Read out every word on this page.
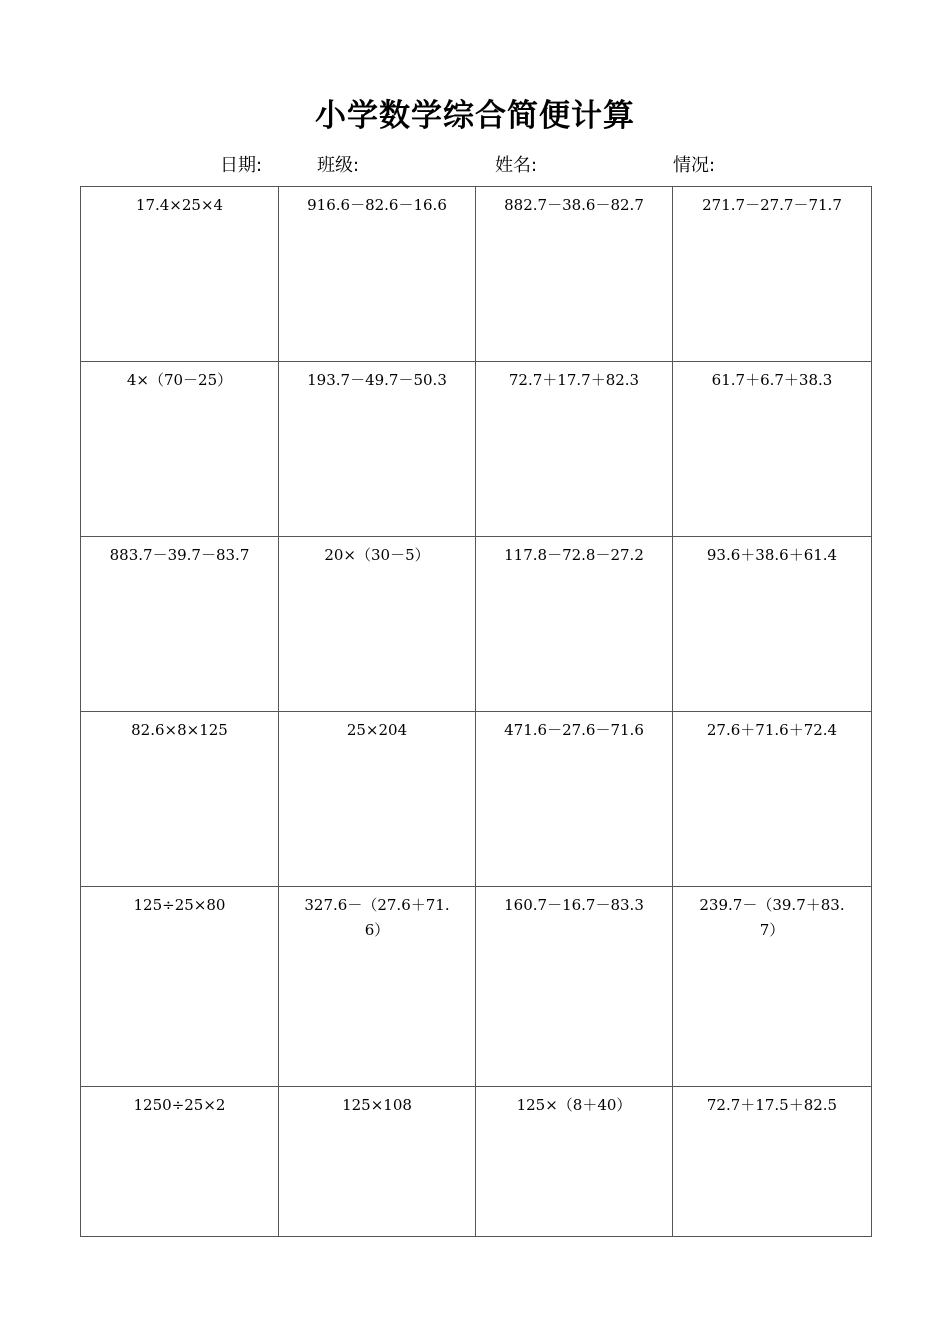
小学数学综合简便计算
日期:	班级:	姓名:	情况:
17.4×25×4	916.6－82.6－16.6	882.7－38.6－82.7	271.7－27.7－71.7
4×（70－25）	193.7－49.7－50.3	72.7＋17.7＋82.3	61.7＋6.7＋38.3
883.7－39.7－83.7	20×（30－5）	117.8－72.8－27.2	93.6＋38.6＋61.4
82.6×8×125	25×204	471.6－27.6－71.6	27.6＋71.6＋72.4
125÷25×80	327.6－（27.6＋71.6）	160.7－16.7－83.3	239.7－（39.7＋83.7）
1250÷25×2	125×108	125×（8＋40）	72.7＋17.5＋82.5
